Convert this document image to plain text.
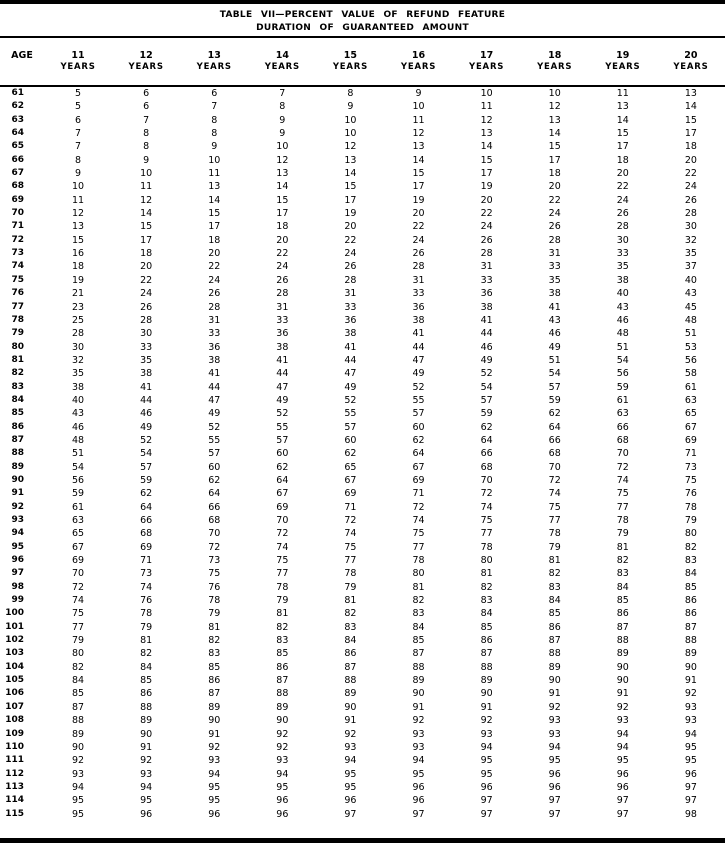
TABLE VII—PERCENT VALUE OF REFUND FEATURE
DURATION OF GUARANTEED AMOUNT
AGE	11	12	13	14	15	16	17	18	19	20
	YEARS	YEARS	YEARS	YEARS	YEARS	YEARS	YEARS	YEARS	YEARS	YEARS
61	5	6	6	7	8	9	10	10	11	13
62	5	6	7	8	9	10	11	12	13	14
63	6	7	8	9	10	11	12	13	14	15
64	7	8	8	9	10	12	13	14	15	17
65	7	8	9	10	12	13	14	15	17	18
66	8	9	10	12	13	14	15	17	18	20
67	9	10	11	13	14	15	17	18	20	22
68	10	11	13	14	15	17	19	20	22	24
69	11	12	14	15	17	19	20	22	24	26
70	12	14	15	17	19	20	22	24	26	28
71	13	15	17	18	20	22	24	26	28	30
72	15	17	18	20	22	24	26	28	30	32
73	16	18	20	22	24	26	28	31	33	35
74	18	20	22	24	26	28	31	33	35	37
75	19	22	24	26	28	31	33	35	38	40
76	21	24	26	28	31	33	36	38	40	43
77	23	26	28	31	33	36	38	41	43	45
78	25	28	31	33	36	38	41	43	46	48
79	28	30	33	36	38	41	44	46	48	51
80	30	33	36	38	41	44	46	49	51	53
81	32	35	38	41	44	47	49	51	54	56
82	35	38	41	44	47	49	52	54	56	58
83	38	41	44	47	49	52	54	57	59	61
84	40	44	47	49	52	55	57	59	61	63
85	43	46	49	52	55	57	59	62	63	65
86	46	49	52	55	57	60	62	64	66	67
87	48	52	55	57	60	62	64	66	68	69
88	51	54	57	60	62	64	66	68	70	71
89	54	57	60	62	65	67	68	70	72	73
90	56	59	62	64	67	69	70	72	74	75
91	59	62	64	67	69	71	72	74	75	76
92	61	64	66	69	71	72	74	75	77	78
93	63	66	68	70	72	74	75	77	78	79
94	65	68	70	72	74	75	77	78	79	80
95	67	69	72	74	75	77	78	79	81	82
96	69	71	73	75	77	78	80	81	82	83
97	70	73	75	77	78	80	81	82	83	84
98	72	74	76	78	79	81	82	83	84	85
99	74	76	78	79	81	82	83	84	85	86
100	75	78	79	81	82	83	84	85	86	86
101	77	79	81	82	83	84	85	86	87	87
102	79	81	82	83	84	85	86	87	88	88
103	80	82	83	85	86	87	87	88	89	89
104	82	84	85	86	87	88	88	89	90	90
105	84	85	86	87	88	89	89	90	90	91
106	85	86	87	88	89	90	90	91	91	92
107	87	88	89	89	90	91	91	92	92	93
108	88	89	90	90	91	92	92	93	93	93
109	89	90	91	92	92	93	93	93	94	94
110	90	91	92	92	93	93	94	94	94	95
111	92	92	93	93	94	94	95	95	95	95
112	93	93	94	94	95	95	95	96	96	96
113	94	94	95	95	95	96	96	96	96	97
114	95	95	95	96	96	96	97	97	97	97
115	95	96	96	96	97	97	97	97	97	98
